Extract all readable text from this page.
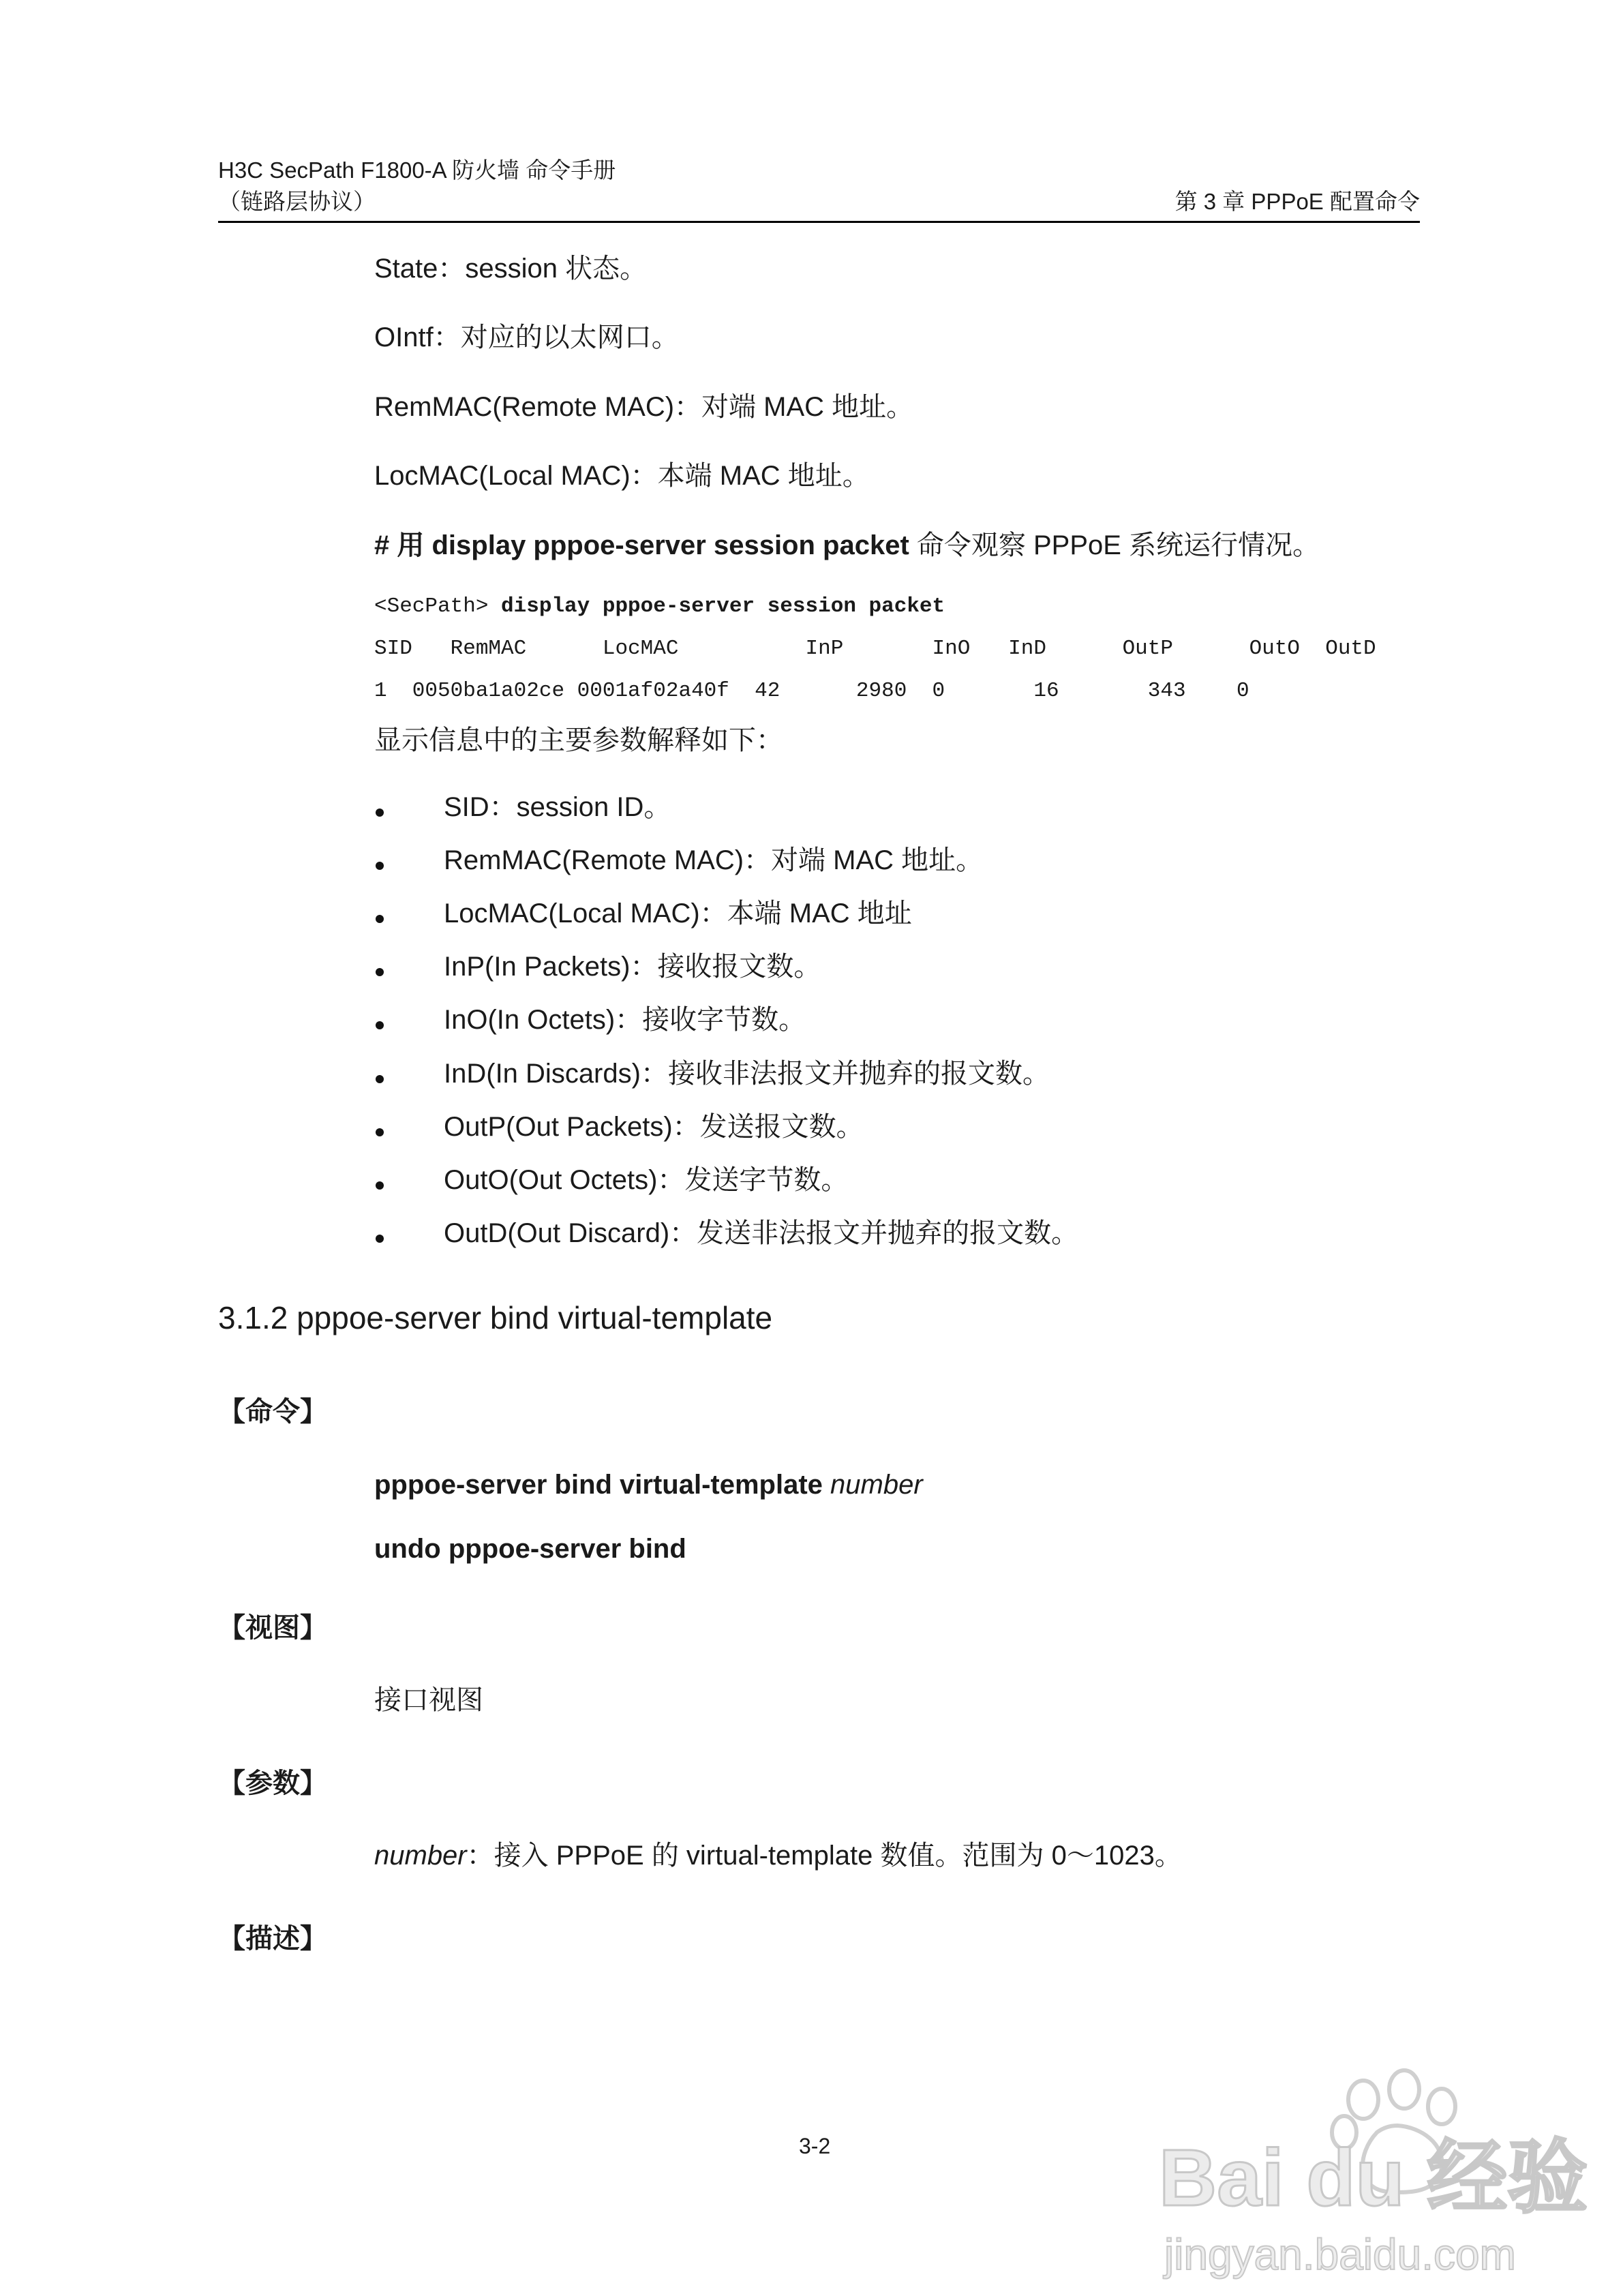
H3C SecPath F1800-A 防火墙 命令手册
（链路层协议）	第 3 章 PPPoE 配置命令
State：session 状态。
OIntf：对应的以太网口。
RemMAC(Remote MAC)：对端 MAC 地址。
LocMAC(Local MAC)：本端 MAC 地址。
# 用 display pppoe-server session packet 命令观察 PPPoE 系统运行情况。
<SecPath> display pppoe-server session packet
SID   RemMAC      LocMAC          InP       InO   InD      OutP      OutO  OutD
1  0050ba1a02ce 0001af02a40f  42      2980  0       16       343    0
显示信息中的主要参数解释如下：
SID：session ID。
RemMAC(Remote MAC)：对端 MAC 地址。
LocMAC(Local MAC)：本端 MAC 地址
InP(In Packets)：接收报文数。
InO(In Octets)：接收字节数。
InD(In Discards)：接收非法报文并抛弃的报文数。
OutP(Out Packets)：发送报文数。
OutO(Out Octets)：发送字节数。
OutD(Out Discard)：发送非法报文并抛弃的报文数。
3.1.2 pppoe-server bind virtual-template
【命令】
pppoe-server bind virtual-template number
undo pppoe-server bind
【视图】
接口视图
【参数】
number：接入 PPPoE 的 virtual-template 数值。范围为 0～1023。
【描述】
3-2	Bai du 经验
jingyan.baidu.com
